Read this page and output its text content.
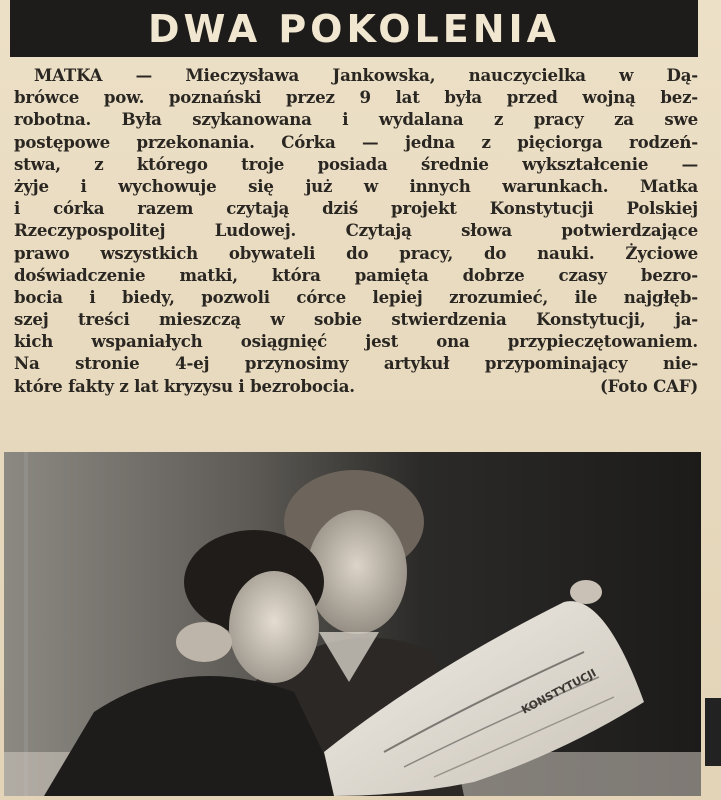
DWA POKOLENIA
MATKA — Mieczysława Jankowska, nauczycielka w Dą-
brówce pow. poznański przez 9 lat była przed wojną bez-
robotna. Była szykanowana i wydalana z pracy za swe
postępowe przekonania. Córka — jedna z pięciorga rodzeń-
stwa, z którego troje posiada średnie wykształcenie —
żyje i wychowuje się już w innych warunkach. Matka
i córka razem czytają dziś projekt Konstytucji Polskiej
Rzeczypospolitej Ludowej. Czytają słowa potwierdzające
prawo wszystkich obywateli do pracy, do nauki. Życiowe
doświadczenie matki, która pamięta dobrze czasy bezro-
bocia i biedy, pozwoli córce lepiej zrozumieć, ile najgłęb-
szej treści mieszczą w sobie stwierdzenia Konstytucji, ja-
kich wspaniałych osiągnięć jest ona przypieczętowaniem.
Na stronie 4-ej przynosimy artykuł przypominający nie-
które fakty z lat kryzysu i bezrobocia.	(Foto CAF)
KONSTYTUCJI
